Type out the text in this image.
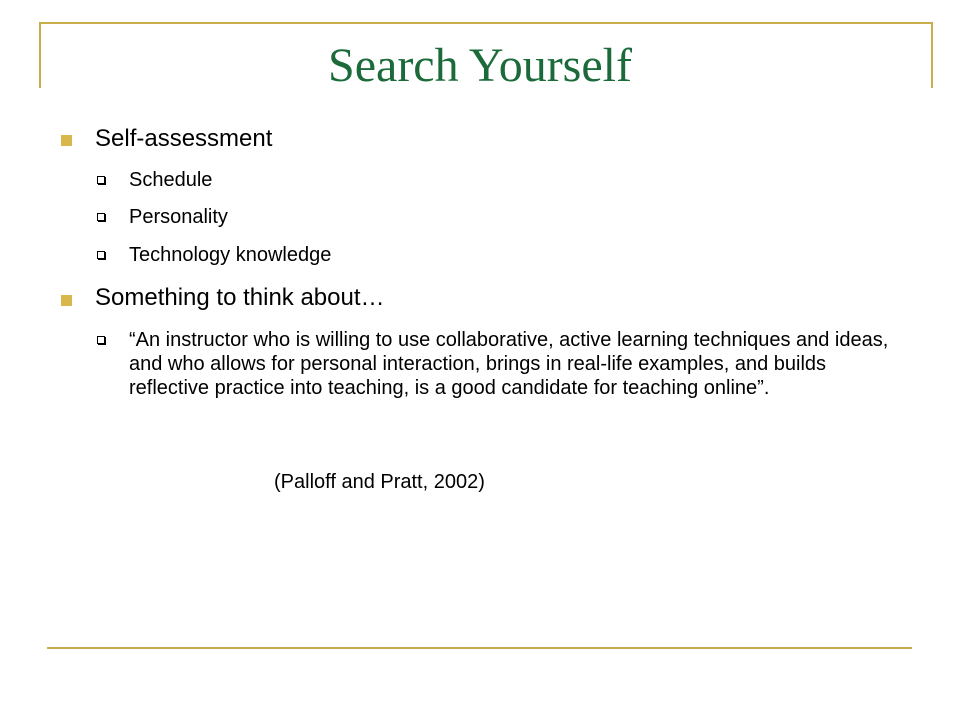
Search Yourself
Self-assessment
Schedule
Personality
Technology knowledge
Something to think about…
“An instructor who is willing to use collaborative, active learning techniques and ideas, and who allows for personal interaction, brings in real-life examples, and builds reflective practice into teaching, is a good candidate for teaching online”.
(Palloff and Pratt, 2002)
